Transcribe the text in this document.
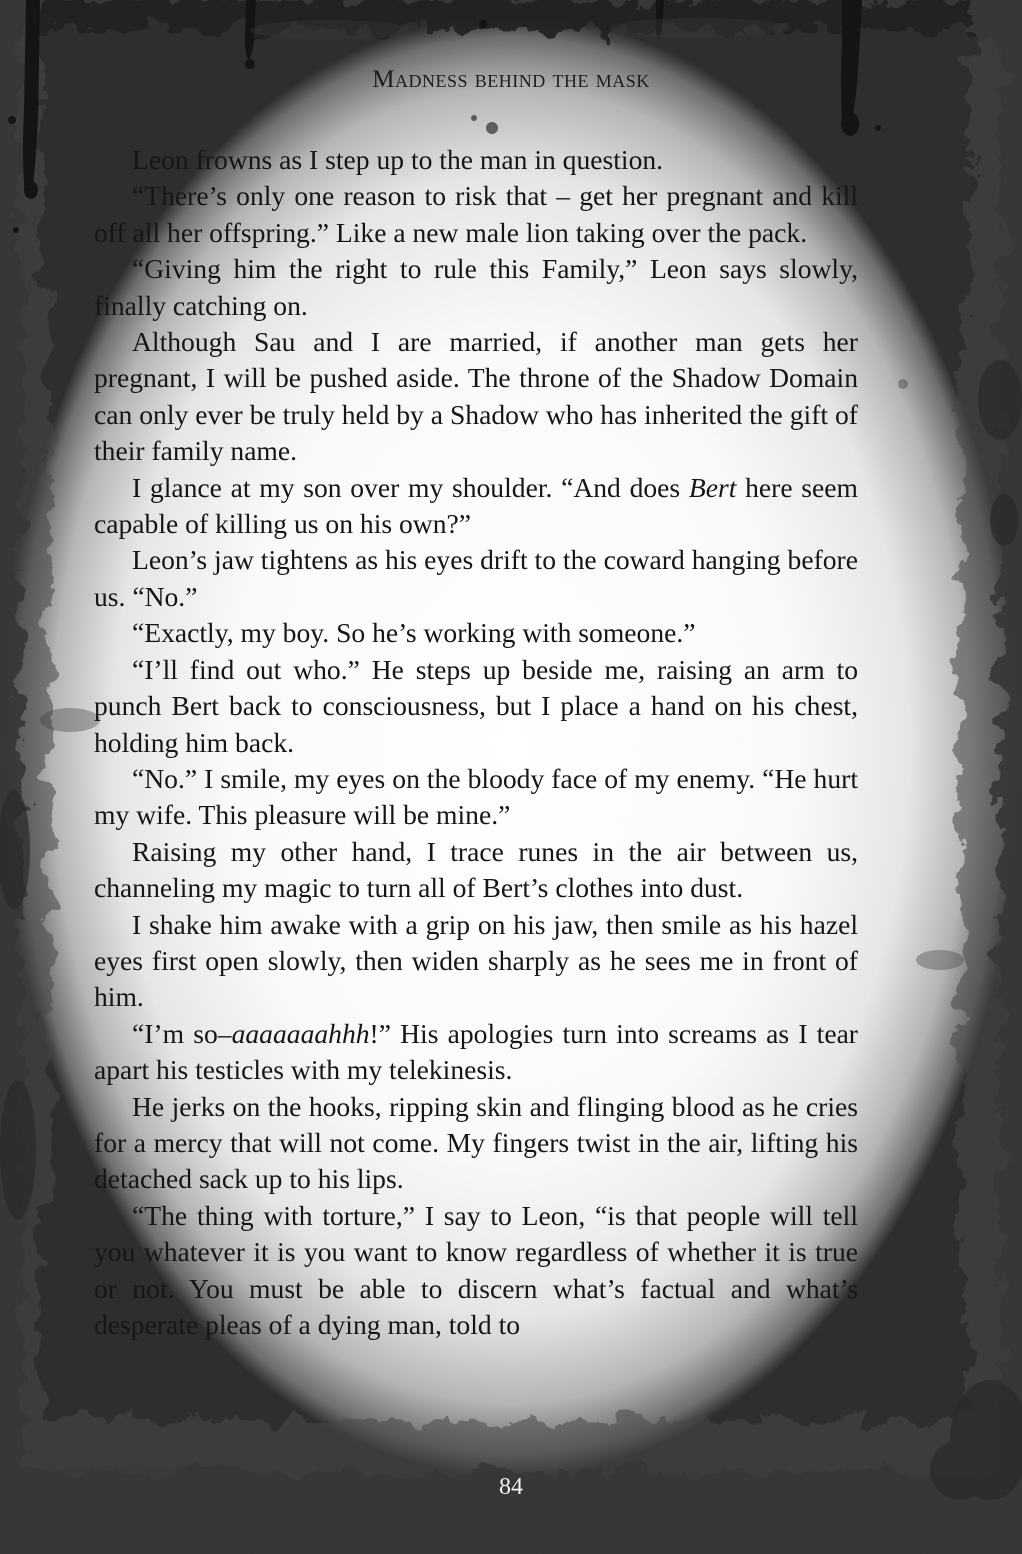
Madness behind the mask

Leon frowns as I step up to the man in question.

“There’s only one reason to risk that – get her pregnant and kill off all her offspring.” Like a new male lion taking over the pack.

“Giving him the right to rule this Family,” Leon says slowly, finally catching on.

Although Sau and I are married, if another man gets her pregnant, I will be pushed aside. The throne of the Shadow Domain can only ever be truly held by a Shadow who has inherited the gift of their family name.

I glance at my son over my shoulder. “And does Bert here seem capable of killing us on his own?”

Leon’s jaw tightens as his eyes drift to the coward hanging before us. “No.”

“Exactly, my boy. So he’s working with someone.”

“I’ll find out who.” He steps up beside me, raising an arm to punch Bert back to consciousness, but I place a hand on his chest, holding him back.

“No.” I smile, my eyes on the bloody face of my enemy. “He hurt my wife. This pleasure will be mine.”

Raising my other hand, I trace runes in the air between us, channeling my magic to turn all of Bert’s clothes into dust.

I shake him awake with a grip on his jaw, then smile as his hazel eyes first open slowly, then widen sharply as he sees me in front of him.

“I’m so–aaaaaaahhh!” His apologies turn into screams as I tear apart his testicles with my telekinesis.

He jerks on the hooks, ripping skin and flinging blood as he cries for a mercy that will not come. My fingers twist in the air, lifting his detached sack up to his lips.

“The thing with torture,” I say to Leon, “is that people will tell you whatever it is you want to know regardless of whether it is true or not. You must be able to discern what’s factual and what’s desperate pleas of a dying man, told to

84
